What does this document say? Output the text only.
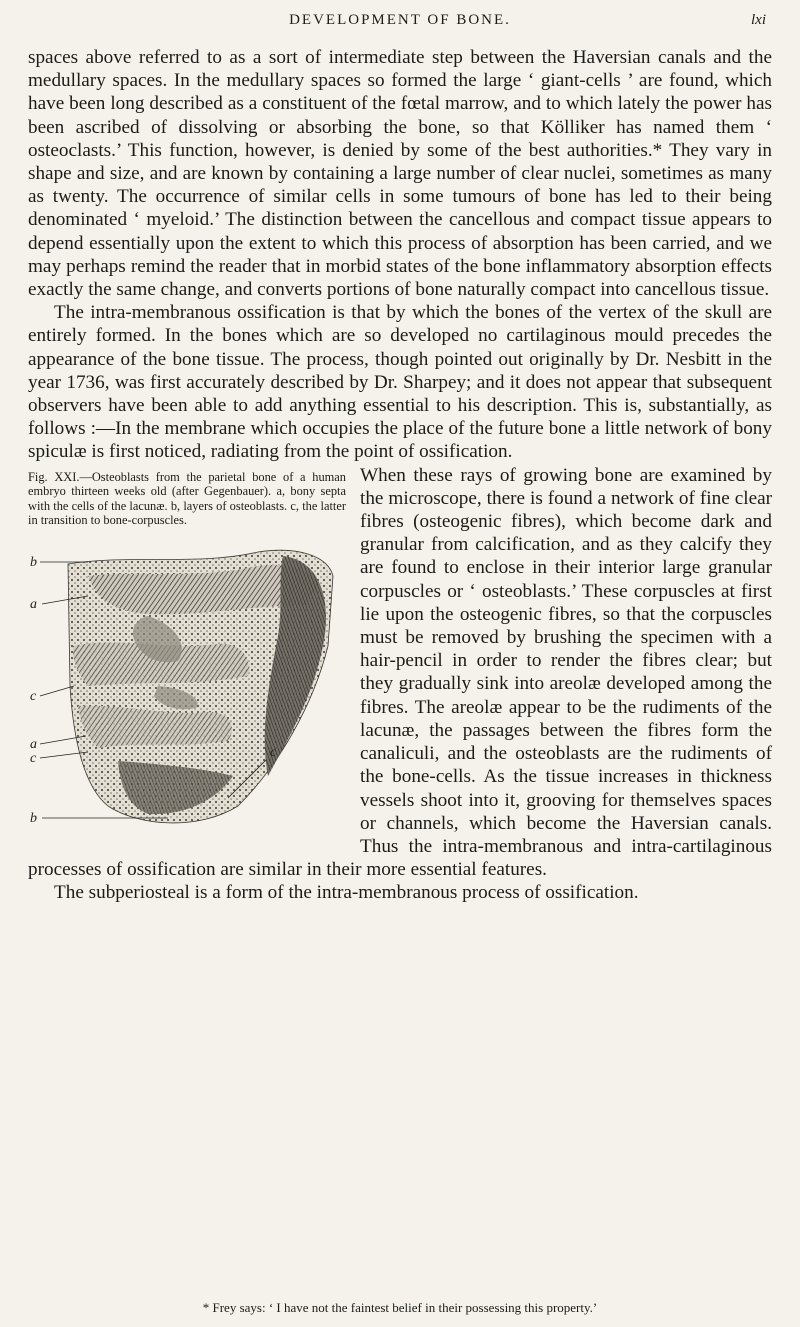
DEVELOPMENT OF BONE.	lxi

spaces above referred to as a sort of intermediate step between the Haversian canals and the medullary spaces. In the medullary spaces so formed the large ‘ giant-cells ’ are found, which have been long described as a constituent of the fœtal marrow, and to which lately the power has been ascribed of dissolving or absorbing the bone, so that Kölliker has named them ‘ osteoclasts.’ This function, however, is denied by some of the best authorities.* They vary in shape and size, and are known by containing a large number of clear nuclei, sometimes as many as twenty. The occurrence of similar cells in some tumours of bone has led to their being denominated ‘ myeloid.’ The distinction between the cancellous and compact tissue appears to depend essentially upon the extent to which this process of absorption has been carried, and we may perhaps remind the reader that in morbid states of the bone inflammatory absorption effects exactly the same change, and converts portions of bone naturally compact into cancellous tissue.

The intra-membranous ossification is that by which the bones of the vertex of the skull are entirely formed. In the bones which are so developed no cartilaginous mould precedes the appearance of the bone tissue. The process, though pointed out originally by Dr. Nesbitt in the year 1736, was first accurately described by Dr. Sharpey; and it does not appear that subsequent observers have been able to add anything essential to his description. This is, substantially, as follows :—In the membrane which occupies the place of the future bone a little network of bony spiculæ is first noticed, radiating from the point of ossification.

Fig. XXI.—Osteoblasts from the parietal bone of a human embryo thirteen weeks old (after Gegenbauer). a, bony septa with the cells of the lacunæ. b, layers of osteoblasts. c, the latter in transition to bone-corpuscles.

b
a
c
a
c
b
c

When these rays of growing bone are examined by the microscope, there is found a network of fine clear fibres (osteogenic fibres), which become dark and granular from calcification, and as they calcify they are found to enclose in their interior large granular corpuscles or ‘ osteoblasts.’ These corpuscles at first lie upon the osteogenic fibres, so that the corpuscles must be removed by brushing the specimen with a hair-pencil in order to render the fibres clear; but they gradually sink into areolæ developed among the fibres. The areolæ appear to be the rudiments of the lacunæ, the passages between the fibres form the canaliculi, and the osteoblasts are the rudiments of the bone-cells. As the tissue increases in thickness vessels shoot into it, grooving for themselves spaces or channels, which become the Haversian canals. Thus the intra-membranous and intra-cartilaginous processes of ossification are similar in their more essential features.

The subperiosteal is a form of the intra-membranous process of ossification.

* Frey says: ‘ I have not the faintest belief in their possessing this property.’
